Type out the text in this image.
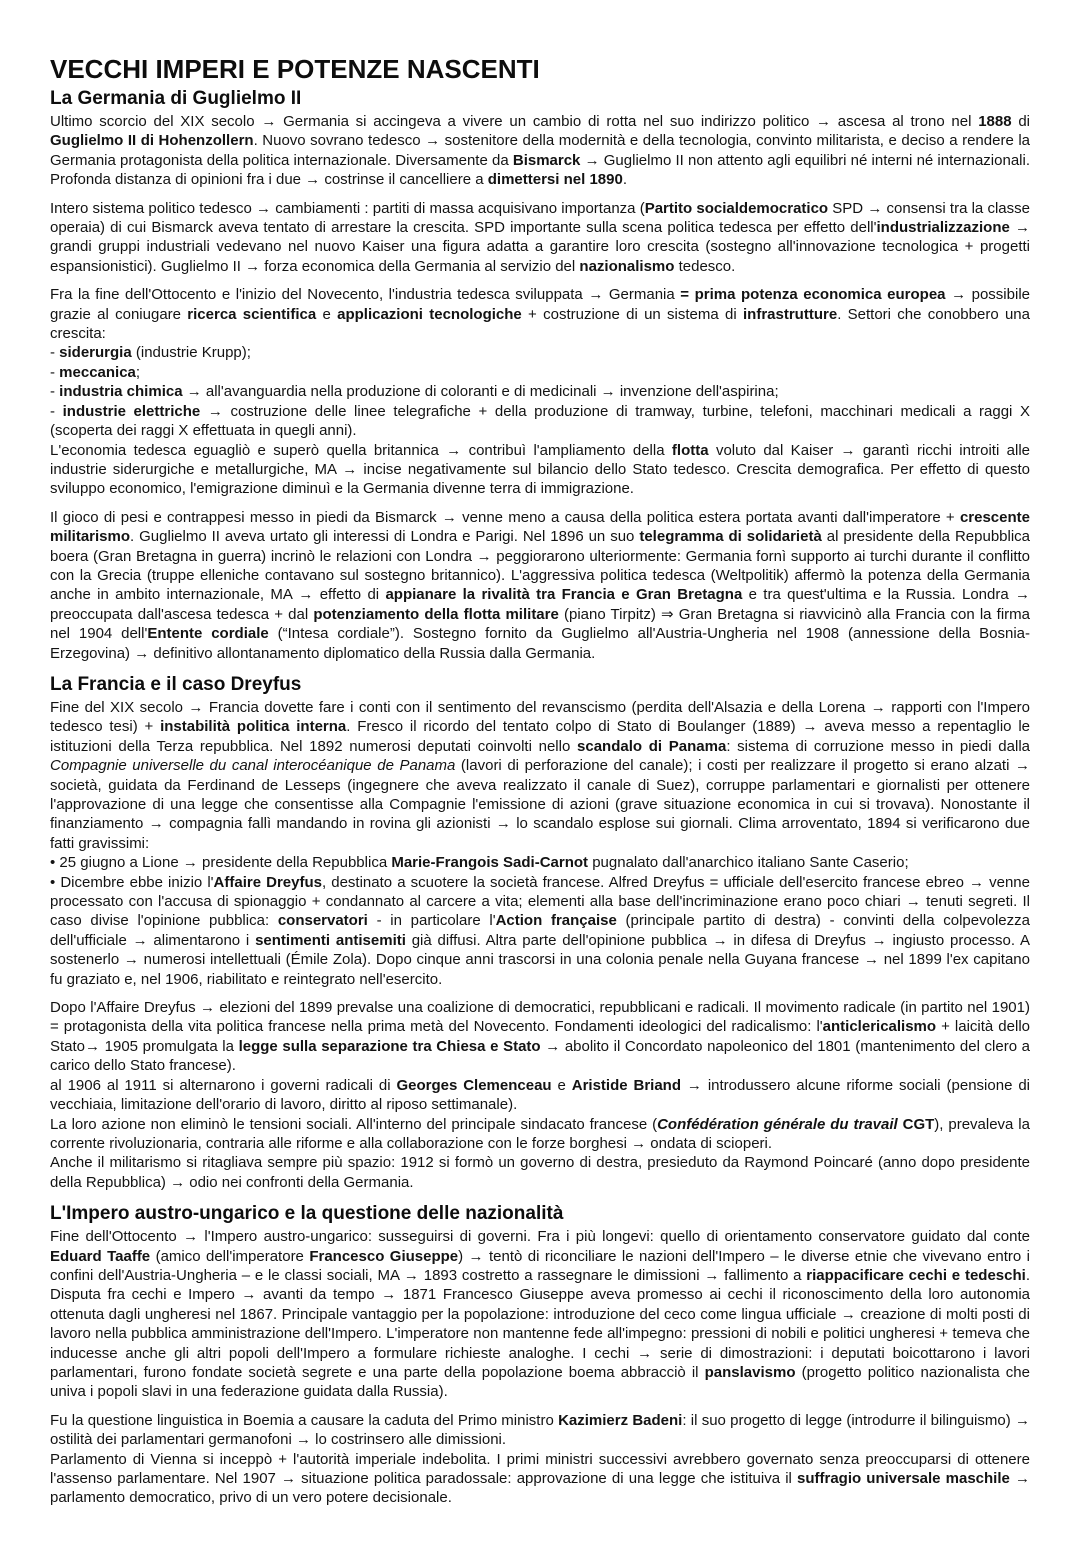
VECCHI IMPERI E POTENZE NASCENTI
La Germania di Guglielmo II

Ultimo scorcio del XIX secolo → Germania si accingeva a vivere un cambio di rotta nel suo indirizzo politico → ascesa al trono nel 1888 di Guglielmo II di Hohenzollern. Nuovo sovrano tedesco → sostenitore della modernità e della tecnologia, convinto militarista, e deciso a rendere la Germania protagonista della politica internazionale. Diversamente da Bismarck → Guglielmo II non attento agli equilibri né interni né internazionali. Profonda distanza di opinioni fra i due → costrinse il cancelliere a dimettersi nel 1890.

Intero sistema politico tedesco → cambiamenti : partiti di massa acquisivano importanza (Partito socialdemocratico SPD → consensi tra la classe operaia) di cui Bismarck aveva tentato di arrestare la crescita. SPD importante sulla scena politica tedesca per effetto dell'industrializzazione → grandi gruppi industriali vedevano nel nuovo Kaiser una figura adatta a garantire loro crescita (sostegno all'innovazione tecnologica + progetti espansionistici). Guglielmo II → forza economica della Germania al servizio del nazionalismo tedesco.

Fra la fine dell'Ottocento e l'inizio del Novecento, l'industria tedesca sviluppata → Germania = prima potenza economica europea → possibile grazie al coniugare ricerca scientifica e applicazioni tecnologiche + costruzione di un sistema di infrastrutture. Settori che conobbero una crescita:

- siderurgia (industrie Krupp);

- meccanica;

- industria chimica → all'avanguardia nella produzione di coloranti e di medicinali → invenzione dell'aspirina;

- industrie elettriche → costruzione delle linee telegrafiche + della produzione di tramway, turbine, telefoni, macchinari medicali a raggi X (scoperta dei raggi X effettuata in quegli anni).

L'economia tedesca eguagliò e superò quella britannica → contribuì l'ampliamento della flotta voluto dal Kaiser → garantì ricchi introiti alle industrie siderurgiche e metallurgiche, MA → incise negativamente sul bilancio dello Stato tedesco. Crescita demografica. Per effetto di questo sviluppo economico, l'emigrazione diminuì e la Germania divenne terra di immigrazione.

Il gioco di pesi e contrappesi messo in piedi da Bismarck → venne meno a causa della politica estera portata avanti dall'imperatore + crescente militarismo. Guglielmo II aveva urtato gli interessi di Londra e Parigi. Nel 1896 un suo telegramma di solidarietà al presidente della Repubblica boera (Gran Bretagna in guerra) incrinò le relazioni con Londra → peggiorarono ulteriormente: Germania fornì supporto ai turchi durante il conflitto con la Grecia (truppe elleniche contavano sul sostegno britannico). L'aggressiva politica tedesca (Weltpolitik) affermò la potenza della Germania anche in ambito internazionale, MA → effetto di appianare la rivalità tra Francia e Gran Bretagna e tra quest'ultima e la Russia. Londra → preoccupata dall'ascesa tedesca + dal potenziamento della flotta militare (piano Tirpitz) ⇒ Gran Bretagna si riavvicinò alla Francia con la firma nel 1904 dell'Entente cordiale (“Intesa cordiale”). Sostegno fornito da Guglielmo all'Austria-Ungheria nel 1908 (annessione della Bosnia-Erzegovina) → definitivo allontanamento diplomatico della Russia dalla Germania.

La Francia e il caso Dreyfus

Fine del XIX secolo → Francia dovette fare i conti con il sentimento del revanscismo (perdita dell'Alsazia e della Lorena → rapporti con l'Impero tedesco tesi) + instabilità politica interna. Fresco il ricordo del tentato colpo di Stato di Boulanger (1889) → aveva messo a repentaglio le istituzioni della Terza repubblica. Nel 1892 numerosi deputati coinvolti nello scandalo di Panama: sistema di corruzione messo in piedi dalla Compagnie universelle du canal interocéanique de Panama (lavori di perforazione del canale); i costi per realizzare il progetto si erano alzati → società, guidata da Ferdinand de Lesseps (ingegnere che aveva realizzato il canale di Suez), corruppe parlamentari e giornalisti per ottenere l'approvazione di una legge che consentisse alla Compagnie l'emissione di azioni (grave situazione economica in cui si trovava). Nonostante il finanziamento → compagnia fallì mandando in rovina gli azionisti → lo scandalo esplose sui giornali. Clima arroventato, 1894 si verificarono due fatti gravissimi:

• 25 giugno a Lione → presidente della Repubblica Marie-Frangois Sadi-Carnot pugnalato dall'anarchico italiano Sante Caserio;

• Dicembre ebbe inizio l'Affaire Dreyfus, destinato a scuotere la società francese. Alfred Dreyfus = ufficiale dell'esercito francese ebreo → venne processato con l'accusa di spionaggio + condannato al carcere a vita; elementi alla base dell'incriminazione erano poco chiari → tenuti segreti. Il caso divise l'opinione pubblica: conservatori - in particolare l'Action française (principale partito di destra) - convinti della colpevolezza dell'ufficiale → alimentarono i sentimenti antisemiti già diffusi. Altra parte dell'opinione pubblica → in difesa di Dreyfus → ingiusto processo. A sostenerlo → numerosi intellettuali (Émile Zola). Dopo cinque anni trascorsi in una colonia penale nella Guyana francese → nel 1899 l'ex capitano fu graziato e, nel 1906, riabilitato e reintegrato nell'esercito.

Dopo l'Affaire Dreyfus → elezioni del 1899 prevalse una coalizione di democratici, repubblicani e radicali. Il movimento radicale (in partito nel 1901) = protagonista della vita politica francese nella prima metà del Novecento. Fondamenti ideologici del radicalismo: l'anticlericalismo + laicità dello Stato→ 1905 promulgata la legge sulla separazione tra Chiesa e Stato → abolito il Concordato napoleonico del 1801 (mantenimento del clero a carico dello Stato francese).

al 1906 al 1911 si alternarono i governi radicali di Georges Clemenceau e Aristide Briand → introdussero alcune riforme sociali (pensione di vecchiaia, limitazione dell'orario di lavoro, diritto al riposo settimanale).

La loro azione non eliminò le tensioni sociali. All'interno del principale sindacato francese (Confédération générale du travail CGT), prevaleva la corrente rivoluzionaria, contraria alle riforme e alla collaborazione con le forze borghesi → ondata di scioperi.

Anche il militarismo si ritagliava sempre più spazio: 1912 si formò un governo di destra, presieduto da Raymond Poincaré (anno dopo presidente della Repubblica) → odio nei confronti della Germania.

L'Impero austro-ungarico e la questione delle nazionalità

Fine dell'Ottocento → l'Impero austro-ungarico: susseguirsi di governi. Fra i più longevi: quello di orientamento conservatore guidato dal conte Eduard Taaffe (amico dell'imperatore Francesco Giuseppe) → tentò di riconciliare le nazioni dell'Impero – le diverse etnie che vivevano entro i confini dell'Austria-Ungheria – e le classi sociali, MA → 1893 costretto a rassegnare le dimissioni → fallimento a riappacificare cechi e tedeschi. Disputa fra cechi e Impero → avanti da tempo → 1871 Francesco Giuseppe aveva promesso ai cechi il riconoscimento della loro autonomia ottenuta dagli ungheresi nel 1867. Principale vantaggio per la popolazione: introduzione del ceco come lingua ufficiale → creazione di molti posti di lavoro nella pubblica amministrazione dell'Impero. L'imperatore non mantenne fede all'impegno: pressioni di nobili e politici ungheresi + temeva che inducesse anche gli altri popoli dell'Impero a formulare richieste analoghe. I cechi → serie di dimostrazioni: i deputati boicottarono i lavori parlamentari, furono fondate società segrete e una parte della popolazione boema abbracciò il panslavismo (progetto politico nazionalista che univa i popoli slavi in una federazione guidata dalla Russia).

Fu la questione linguistica in Boemia a causare la caduta del Primo ministro Kazimierz Badeni: il suo progetto di legge (introdurre il bilinguismo) → ostilità dei parlamentari germanofoni → lo costrinsero alle dimissioni.

Parlamento di Vienna si inceppò + l'autorità imperiale indebolita. I primi ministri successivi avrebbero governato senza preoccuparsi di ottenere l'assenso parlamentare. Nel 1907 → situazione politica paradossale: approvazione di una legge che istituiva il suffragio universale maschile → parlamento democratico, privo di un vero potere decisionale.
